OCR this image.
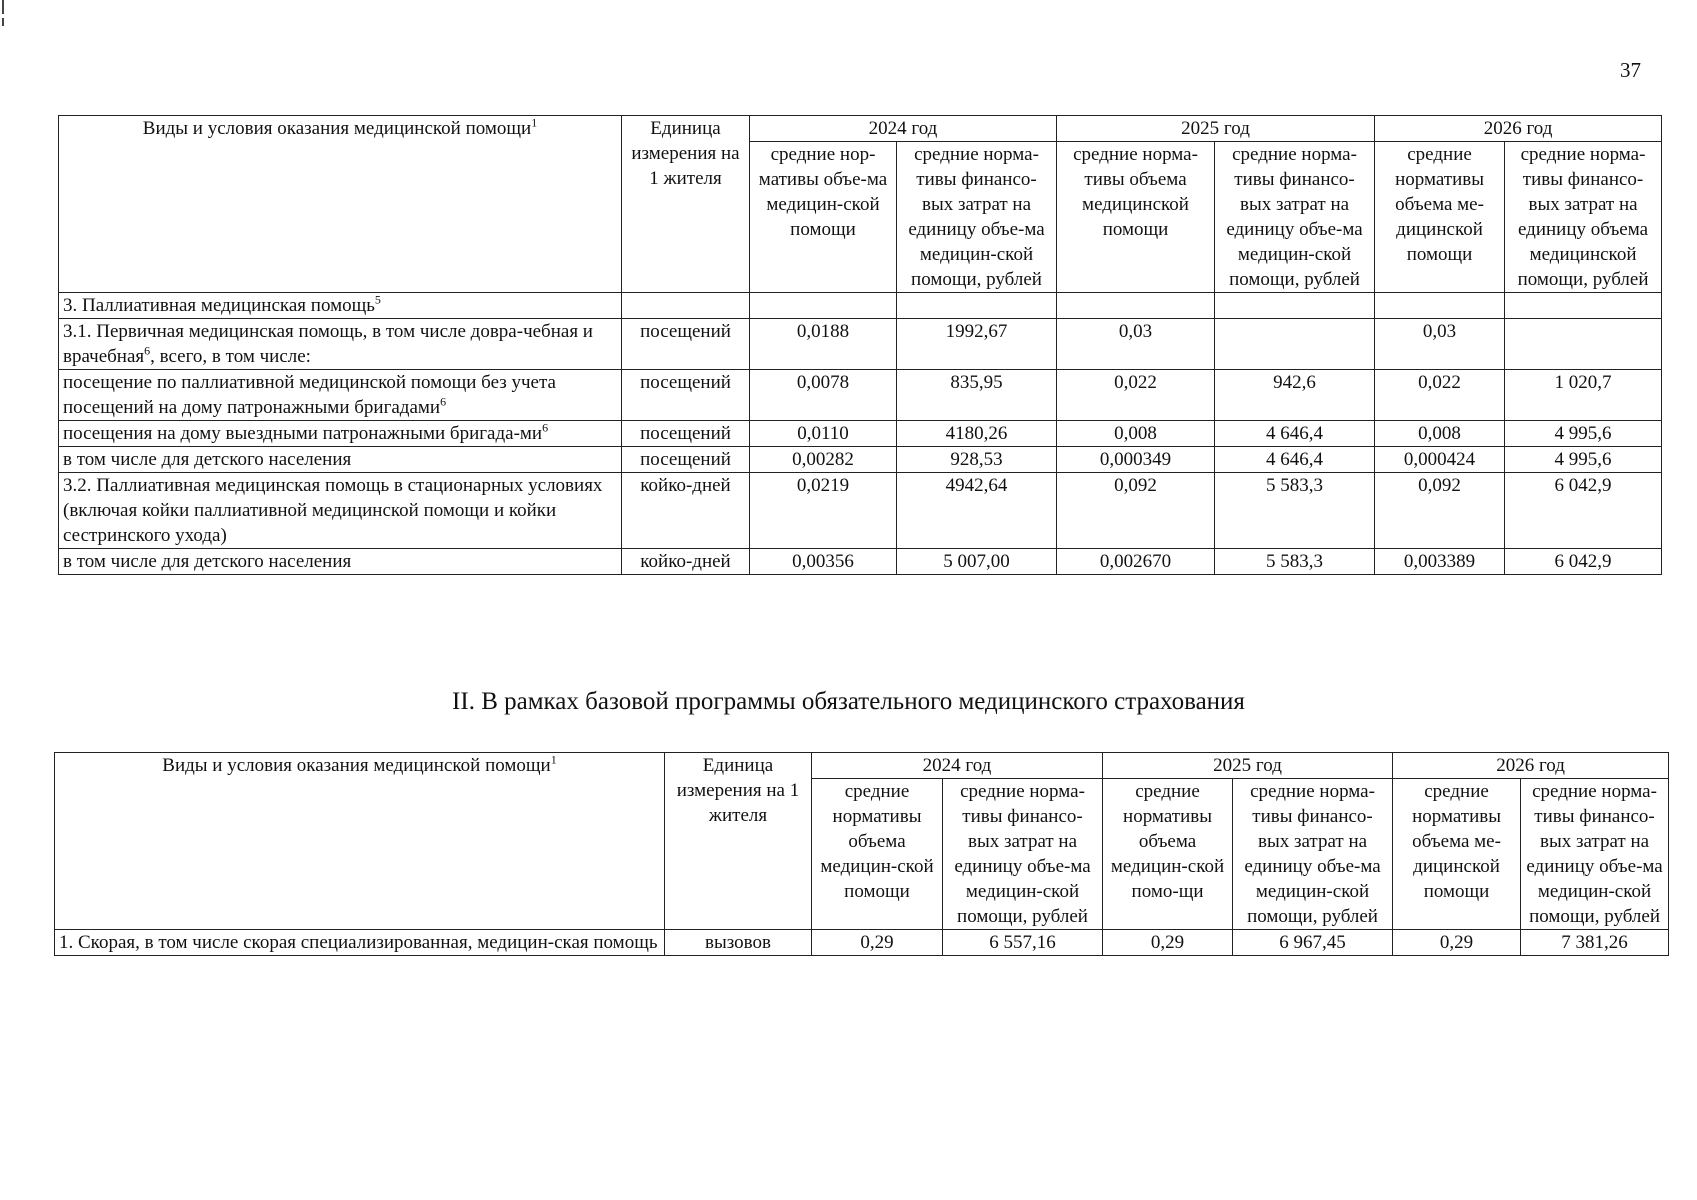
37
Виды и условия оказания медицинской помощи$^1$	Единица измерения на 1 жителя	2024 год		2025 год		2026 год	
		средние нор-мативы объе-ма медицин-ской помощи	средние норма-тивы финансо-вых затрат на единицу объе-ма медицин-ской помощи, рублей	средние норма-тивы объема медицинской помощи	средние норма-тивы финансо-вых затрат на единицу объе-ма медицин-ской помощи, рублей	средние нормативы объема ме-дицинской помощи	средние норма-тивы финансо-вых затрат на единицу объема медицинской помощи, рублей
3. Паллиативная медицинская помощь$^5$							
3.1. Первичная медицинская помощь, в том числе довра-чебная и врачебная$^6$, всего, в том числе:	посещений	0,0188	1992,67	0,03		0,03	
посещение по паллиативной медицинской помощи без учета посещений на дому патронажными бригадами$^6$	посещений	0,0078	835,95	0,022	942,6	0,022	1 020,7
посещения на дому выездными патронажными бригада-$ми^6$	посещений	0,0110	4180,26	0,008	4 646,4	0,008	4 995,6
в том числе для детского населения	посещений	0,00282	928,53	0,000349	4 646,4	0,000424	4 995,6
3.2. Паллиативная медицинская помощь в стационарных условиях (включая койки паллиативной медицинской помощи и койки сестринского ухода)	койко-дней	0,0219	4942,64	0,092	5 583,3	0,092	6 042,9
в том числе для детского населения	койко-дней	0,00356	5 007,00	0,002670	5 583,3	0,003389	6 042,9
II. В рамках базовой программы обязательного медицинского страхования
Виды и условия оказания медицинской помощи$^1$	Единица измерения на 1 жителя	2024 год		2025 год		2026 год	
		средние нормативы объема медицин-ской помощи	средние норма-тивы финансо-вых затрат на единицу объе-ма медицин-ской помощи, рублей	средние нормативы объема медицин-ской помо-щи	средние норма-тивы финансо-вых затрат на единицу объе-ма медицин-ской помощи, рублей	средние нормативы объема ме-дицинской помощи	средние норма-тивы финансо-вых затрат на единицу объе-ма медицин-ской помощи, рублей
1. Скорая, в том числе скорая специализированная, медицин-ская помощь	вызовов	0,29	6 557,16	0,29	6 967,45	0,29	7 381,26
